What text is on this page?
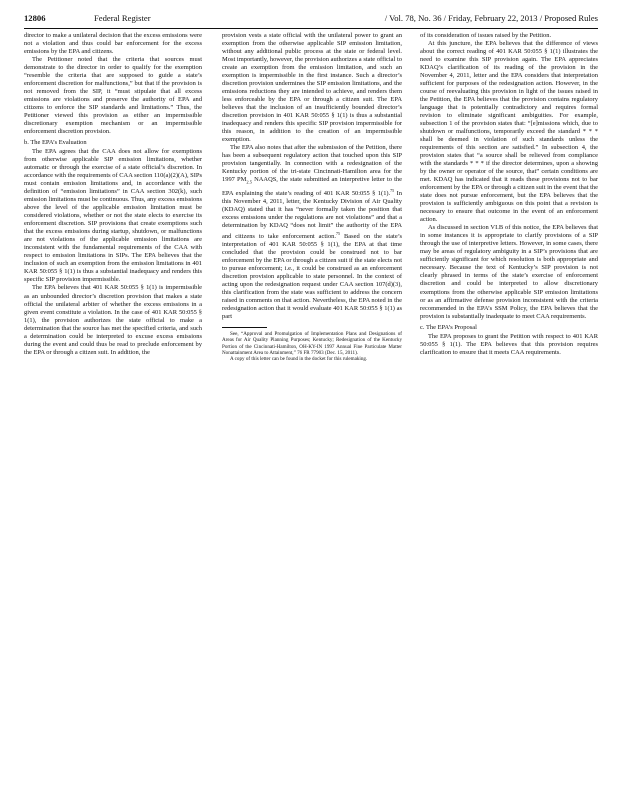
12806	Federal Register	/ Vol. 78, No. 36 / Friday, February 22, 2013 / Proposed Rules

director to make a unilateral decision that the excess emissions were not a violation and thus could bar enforcement for the excess emissions by the EPA and citizens.

The Petitioner noted that the criteria that sources must demonstrate to the director in order to qualify for the exemption “resemble the criteria that are supposed to guide a state’s enforcement discretion for malfunctions,” but that if the provision is not removed from the SIP, it “must stipulate that all excess emissions are violations and preserve the authority of EPA and citizens to enforce the SIP standards and limitations.” Thus, the Petitioner viewed this provision as either an impermissible discretionary exemption mechanism or an impermissible enforcement discretion provision.

b. The EPA’s Evaluation

The EPA agrees that the CAA does not allow for exemptions from otherwise applicable SIP emission limitations, whether automatic or through the exercise of a state official’s discretion. In accordance with the requirements of CAA section 110(a)(2)(A), SIPs must contain emission limitations and, in accordance with the definition of “emission limitations” in CAA section 302(k), such emission limitations must be continuous. Thus, any excess emissions above the level of the applicable emission limitation must be considered violations, whether or not the state elects to exercise its enforcement discretion. SIP provisions that create exemptions such that the excess emissions during startup, shutdown, or malfunctions are not violations of the applicable emission limitations are inconsistent with the fundamental requirements of the CAA with respect to emission limitations in SIPs. The EPA believes that the inclusion of such an exemption from the emission limitations in 401 KAR 50:055 § 1(1) is thus a substantial inadequacy and renders this specific SIP provision impermissible.

The EPA believes that 401 KAR 50:055 § 1(1) is impermissible as an unbounded director’s discretion provision that makes a state official the unilateral arbiter of whether the excess emissions in a given event constitute a violation. In the case of 401 KAR 50:055 § 1(1), the provision authorizes the state official to make a determination that the source has met the specified criteria, and such a determination could be interpreted to excuse excess emissions during the event and could thus be read to preclude enforcement by the EPA or through a citizen suit. In addition, the

provision vests a state official with the unilateral power to grant an exemption from the otherwise applicable SIP emission limitation, without any additional public process at the state or federal level. Most importantly, however, the provision authorizes a state official to create an exemption from the emission limitation, and such an exemption is impermissible in the first instance. Such a director’s discretion provision undermines the SIP emission limitations, and the emissions reductions they are intended to achieve, and renders them less enforceable by the EPA or through a citizen suit. The EPA believes that the inclusion of an insufficiently bounded director’s discretion provision in 401 KAR 50:055 § 1(1) is thus a substantial inadequacy and renders this specific SIP provision impermissible for this reason, in addition to the creation of an impermissible exemption.

The EPA also notes that after the submission of the Petition, there has been a subsequent regulatory action that touched upon this SIP provision tangentially. In connection with a redesignation of the Kentucky portion of the tri-state Cincinnati-Hamilton area for the 1997 $PM_{2.5}$ NAAQS, the state submitted an interpretive letter to the EPA explaining the state’s reading of 401 KAR 50:055 § 1(1).$^{75}$ In this November 4, 2011, letter, the Kentucky Division of Air Quality (KDAQ) stated that it has “never formally taken the position that excess emissions under the regulations are not violations” and that a determination by KDAQ “does not limit” the authority of the EPA and citizens to take enforcement action.$^{75}$ Based on the state’s interpretation of 401 KAR 50:055 § 1(1), the EPA at that time concluded that the provision could be construed not to bar enforcement by the EPA or through a citizen suit if the state elects not to pursue enforcement; i.e., it could be construed as an enforcement discretion provision applicable to state personnel. In the context of acting upon the redesignation request under CAA section 107(d)(3), this clarification from the state was sufficient to address the concern raised in comments on that action. Nevertheless, the EPA noted in the redesignation action that it would evaluate 401 KAR 50:055 § 1(1) as part

See, “Approval and Promulgation of Implementation Plans and Designations of Areas for Air Quality Planning Purposes; Kentucky; Redesignation of the Kentucky Portion of the Cincinnati-Hamilton, OH-KY-IN 1997 Annual Fine Particulate Matter Nonattainment Area to Attainment,” 76 FR 77903 (Dec. 15, 2011).
A copy of this letter can be found in the docket for this rulemaking.

of its consideration of issues raised by the Petition.

At this juncture, the EPA believes that the difference of views about the correct reading of 401 KAR 50:055 § 1(1) illustrates the need to examine this SIP provision again. The EPA appreciates KDAQ’s clarification of its reading of the provision in the November 4, 2011, letter and the EPA considers that interpretation sufficient for purposes of the redesignation action. However, in the course of reevaluating this provision in light of the issues raised in the Petition, the EPA believes that the provision contains regulatory language that is potentially contradictory and requires formal revision to eliminate significant ambiguities. For example, subsection 1 of the provision states that: “[e]missions which, due to shutdown or malfunctions, temporarily exceed the standard * * * shall be deemed in violation of such standards unless the requirements of this section are satisfied.” In subsection 4, the provision states that “a source shall be relieved from compliance with the standards * * * if the director determines, upon a showing by the owner or operator of the source, that” certain conditions are met. KDAQ has indicated that it reads these provisions not to bar enforcement by the EPA or through a citizen suit in the event that the state does not pursue enforcement, but the EPA believes that the provision is sufficiently ambiguous on this point that a revision is necessary to ensure that outcome in the event of an enforcement action.

As discussed in section VI.B of this notice, the EPA believes that in some instances it is appropriate to clarify provisions of a SIP through the use of interpretive letters. However, in some cases, there may be areas of regulatory ambiguity in a SIP’s provisions that are sufficiently significant for which resolution is both appropriate and necessary. Because the text of Kentucky’s SIP provision is not clearly phrased in terms of the state’s exercise of enforcement discretion and could be interpreted to allow discretionary exemptions from the otherwise applicable SIP emission limitations or as an affirmative defense provision inconsistent with the criteria recommended in the EPA’s SSM Policy, the EPA believes that the provision is substantially inadequate to meet CAA requirements.

c. The EPA’s Proposal

The EPA proposes to grant the Petition with respect to 401 KAR 50:055 § 1(1). The EPA believes that this provision requires clarification to ensure that it meets CAA requirements.
